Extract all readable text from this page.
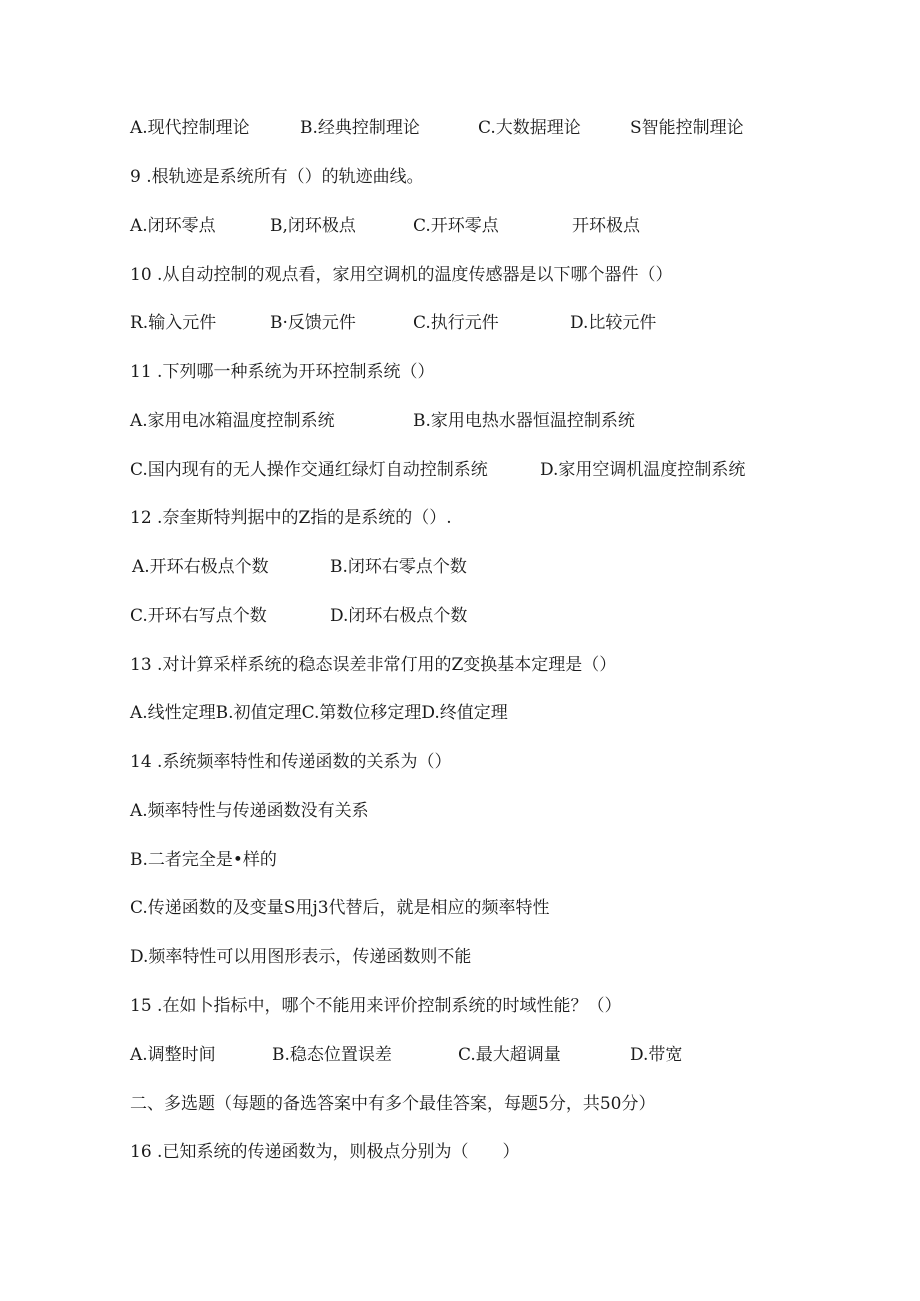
A.现代控制理论	B.经典控制理论	C.大数据理论	S智能控制理论
9 .根轨迹是系统所有（）的轨迹曲线。
A.闭环零点	B,闭环极点	C.开环零点	开环极点
10 .从自动控制的观点看，家用空调机的温度传感器是以下哪个器件（）
R.输入元件	B·反馈元件	C.执行元件	D.比较元件
11 .下列哪一种系统为开环控制系统（）
A.家用电冰箱温度控制系统	B.家用电热水器恒温控制系统
C.国内现有的无人操作交通红绿灯自动控制系统	D.家用空调机温度控制系统
12 .奈奎斯特判据中的Z指的是系统的（）.
A.开环右极点个数	B.闭环右零点个数
C.开环右写点个数	D.闭环右极点个数
13 .对计算采样系统的稳态误差非常仃用的Z变换基本定理是（）
A.线性定理B.初值定理C.第数位移定理D.终值定理
14 .系统频率特性和传递函数的关系为（）
A.频率特性与传递函数没有关系
B.二者完全是•样的
C.传递函数的及变量S用j3代替后，就是相应的频率特性
D.频率特性可以用图形表示，传递函数则不能
15 .在如卜指标中，哪个不能用来评价控制系统的时域性能？（）
A.调整时间	B.稳态位置误差	C.最大超调量	D.带宽
二、多选题（每题的备选答案中有多个最佳答案，每题5分，共50分）
16 .已知系统的传递函数为，则极点分别为（　　）
